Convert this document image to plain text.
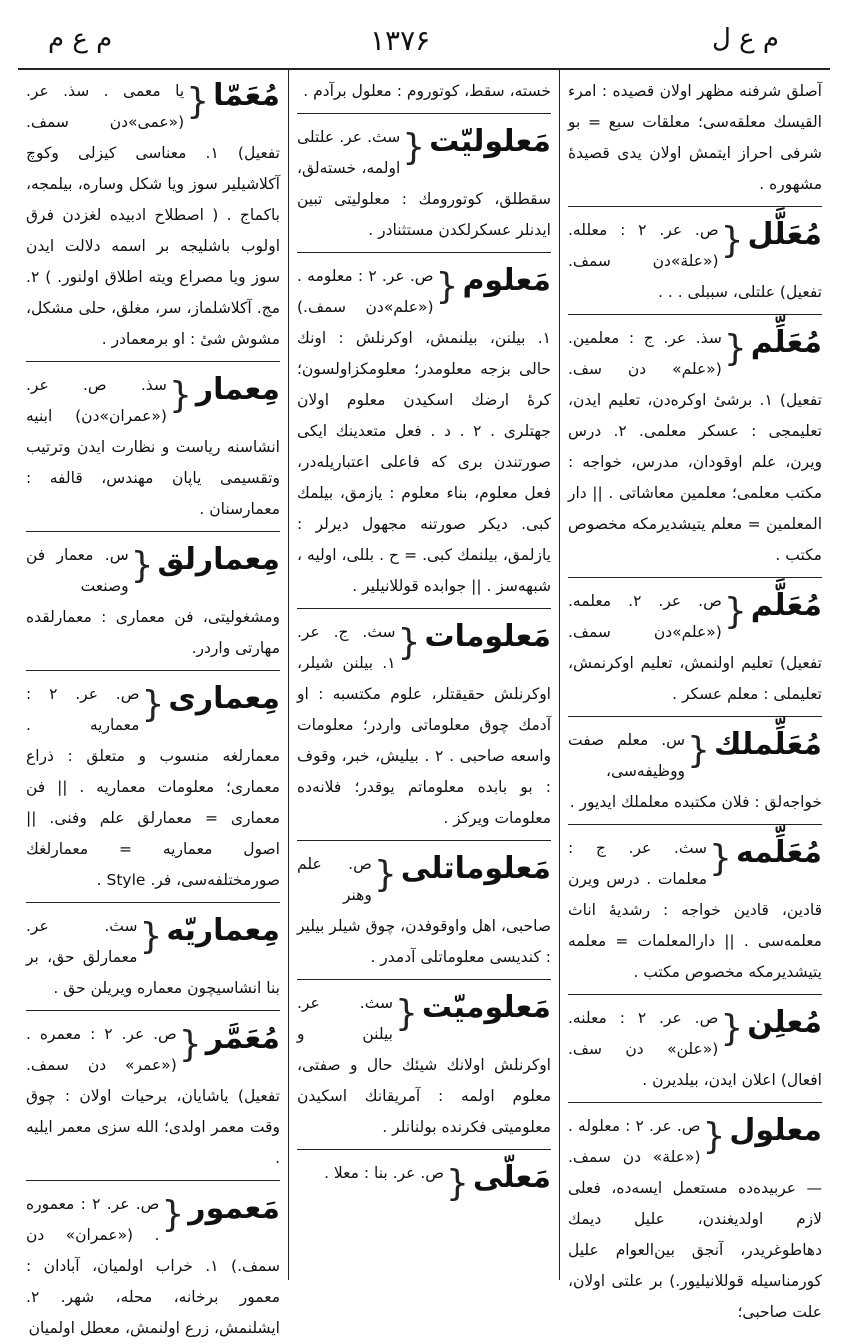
م ع ل
۱۳۷۶
م ع م
آصلق شرفنه مظهر اولان قصیده : امرء القیسك معلقه‌سی؛ معلقات سبع = بو شرفی احراز ایتمش اولان یدی قصیدهٔ مشهوره .
مُعَلَّل
{
ص. عر. ۲ : معلله. («علة»دن سمف. تفعیل) علتلی، سببلی . . .
مُعَلِّم
{
سذ. عر. ج : معلمین. («علم» دن سف. تفعیل) ۱. برشیٔ اوکره‌دن، تعلیم ایدن، تعلیمجی : عسکر معلمی. ۲. درس ویرن، علم اوقودان، مدرس، خواجه : مکتب معلمی؛ معلمین معاشاتی . || دار المعلمین = معلم یتیشدیرمکه مخصوص مکتب .
مُعَلَّم
{
ص. عر. ۲. معلمه. («علم»دن سمف. تفعیل) تعلیم اولنمش، تعلیم اوکرنمش، تعلیملی : معلم عسکر .
مُعَلِّملك
{
س. معلم صفت ووظیفه‌سی، خواجه‌لق : فلان مکتبده معلملك ایدیور .
مُعَلِّمه
{
سث. عر. ج : معلمات . درس ویرن قادین، قادین خواجه : رشدیهٔ اناث معلمه‌سی . || دارالمعلمات = معلمه یتیشدیرمکه مخصوص مکتب .
مُعلِن
{
ص. عر. ۲ : معلنه. («علن» دن سف. افعال) اعلان ایدن، بیلدیرن .
معلول
{
ص. عر. ۲ : معلوله . («علة» دن سمف. — عربیده‌ده مستعمل ایسه‌ده، فعلی لازم اولدیغندن، علیل دیمك دهاطوغریدر، آنجق بین‌العوام علیل کورمناسیله قوللانیلیور.) بر علتی اولان، علت صاحبی؛
خسته، سقط، کوتوروم : معلول برآدم .
مَعلولیّت
{
سث. عر. علتلی اولمه، خسته‌لق، سقطلق، کوتورومك : معلولیتی تبین ایدنلر عسکرلکدن مستثنادر .
مَعلوم
{
ص. عر. ۲ : معلومه . («علم»دن سمف.) ۱. بیلنن، بیلنمش، اوکرنلش : اونك حالی بزجه معلومدر؛ معلومکزاولسون؛ کرهٔ ارضك اسکیدن معلوم اولان جهتلری . ۲ . د . فعل متعدینك ایکی صورتندن بری که فاعلی اعتباریله‌در، فعل معلوم، بناء معلوم : یازمق، بیلمك کبی. دیکر صورتنه مجهول دیرلر : یازلمق، بیلنمك کبی. = ح . بللی، اولیه ، شبهه‌سز . || جوابده قوللانیلیر .
مَعلومات
{
سث. ج. عر. ۱. بیلنن شیلر، اوکرنلش حقیقتلر، علوم مکتسبه : او آدمك چوق معلوماتی واردر؛ معلومات واسعه صاحبی . ۲ . بیلیش، خبر، وقوف : بو بابده معلوماتم یوقدر؛ فلانه‌ده معلومات ویرکز .
مَعلوماتلی
{
ص. علم وهنر صاحبی، اهل واوقوفدن، چوق شیلر بیلیر : کندیسی معلوماتلی آدمدر .
مَعلومیّت
{
سث. عر. بیلنن و اوکرنلش اولانك شیئك حال و صفتی، معلوم اولمه : آمریقانك اسکیدن معلومیتی فکرنده بولنانلر .
مَعلّی
{
ص. عر. بنا : معلا .
مُعَمّا
{
یا معمی . سذ. عر. («عمی»دن سمف. تفعیل) ۱. معناسی کیزلی وکوچ آکلاشیلیر سوز ویا شکل وساره، بیلمجه، باکماج . ( اصطلاح ادبیده لغزدن فرق اولوب باشلیجه بر اسمه دلالت ایدن سوز ویا مصراع ویته اطلاق اولنور. ) ۲. مج. آکلاشلماز، سر، مغلق، حلی مشکل، مشوش شیٔ : او برمعمادر .
مِعمار
{
سذ. ص. عر. («عمران»دن) ابنیه انشاسنه ریاست و نظارت ایدن وترتیب وتقسیمی یاپان مهندس، قالفه : معمارسنان .
مِعمارلق
{
س. معمار فن وصنعت ومشغولیتی، فن معماری : معمارلقده مهارتی واردر.
مِعماری
{
ص. عر. ۲ : معماریه . معمارلغه منسوب و متعلق : ذراع معماری؛ معلومات معماریه . || فن معماری = معمارلق علم وفنی. || اصول معماریه = معمارلغك صورمختلفه‌سی، فر. Style .
مِعماریّه
{
سث. عر. معمارلق حق، بر بنا انشاسیچون معماره ویریلن حق .
مُعَمَّر
{
ص. عر. ۲ : معمره . («عمر» دن سمف. تفعیل) یاشایان، برحیات اولان : چوق وقت معمر اولدی؛ الله سزی معمر ایلیه .
مَعمور
{
ص. عر. ۲ : معموره . («عمران» دن سمف.) ۱. خراب اولمیان، آبادان : معمور برخانه، محله، شهر. ۲. ایشلنمش، زرع اولنمش، معطل اولمیان
